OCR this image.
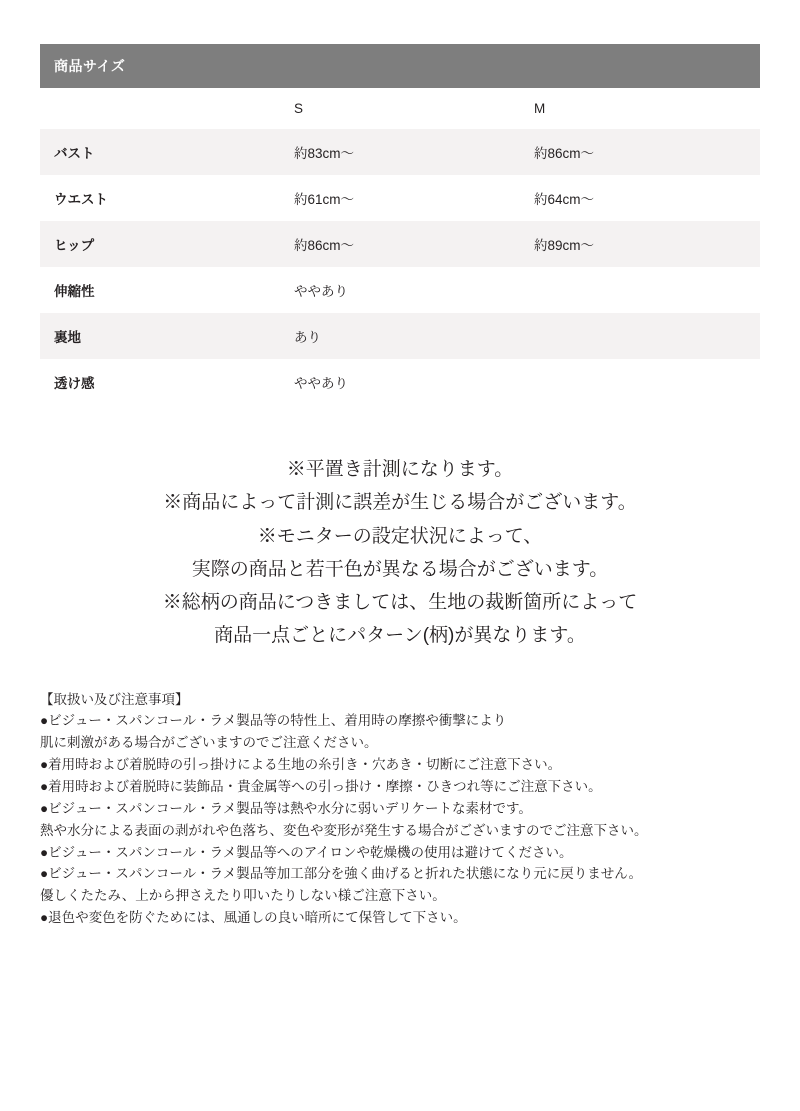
商品サイズ		
	S	M
バスト	約83cm〜	約86cm〜
ウエスト	約61cm〜	約64cm〜
ヒップ	約86cm〜	約89cm〜
伸縮性	ややあり	
裏地	あり	
透け感	ややあり	
※平置き計測になります。
※商品によって計測に誤差が生じる場合がございます。
※モニターの設定状況によって、
実際の商品と若干色が異なる場合がございます。
※総柄の商品につきましては、生地の裁断箇所によって
商品一点ごとにパターン(柄)が異なります。
【取扱い及び注意事項】
●ビジュー・スパンコール・ラメ製品等の特性上、着用時の摩擦や衝撃により
肌に刺激がある場合がございますのでご注意ください。
●着用時および着脱時の引っ掛けによる生地の糸引き・穴あき・切断にご注意下さい。
●着用時および着脱時に装飾品・貴金属等への引っ掛け・摩擦・ひきつれ等にご注意下さい。
●ビジュー・スパンコール・ラメ製品等は熱や水分に弱いデリケートな素材です。
熱や水分による表面の剥がれや色落ち、変色や変形が発生する場合がございますのでご注意下さい。
●ビジュー・スパンコール・ラメ製品等へのアイロンや乾燥機の使用は避けてください。
●ビジュー・スパンコール・ラメ製品等加工部分を強く曲げると折れた状態になり元に戻りません。
優しくたたみ、上から押さえたり叩いたりしない様ご注意下さい。
●退色や変色を防ぐためには、風通しの良い暗所にて保管して下さい。
